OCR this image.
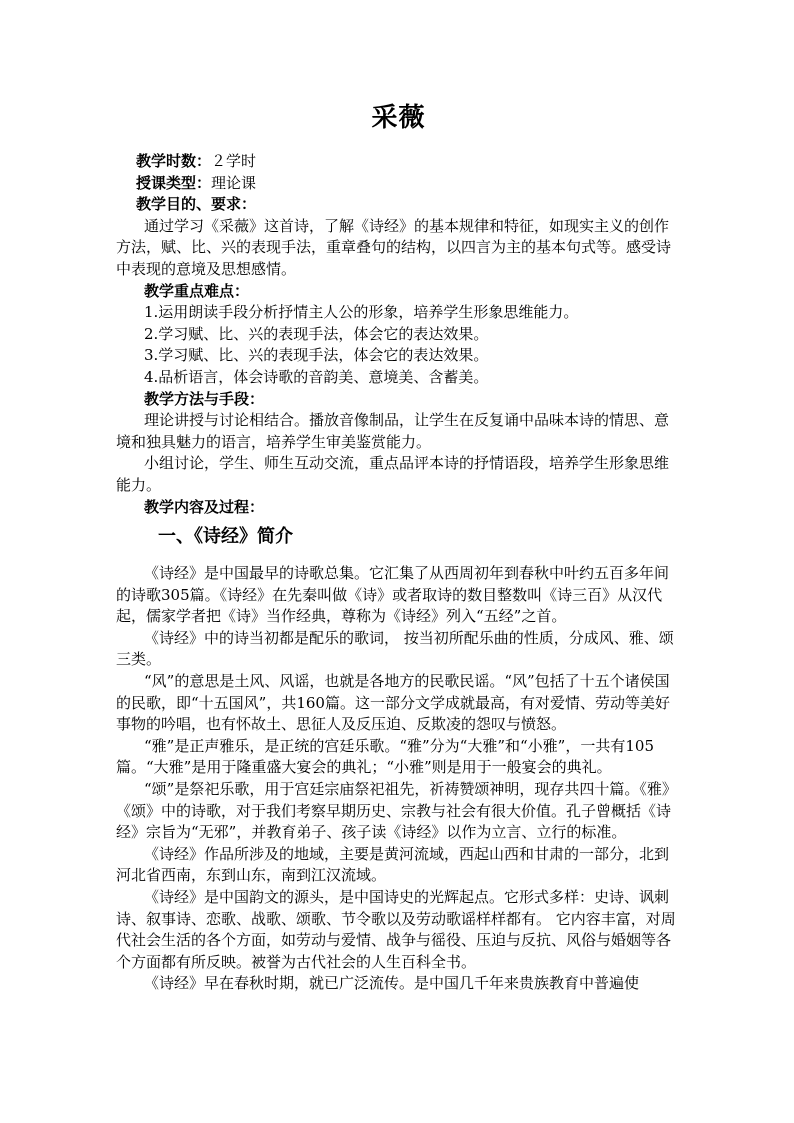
采薇
教学时数：２学时
授课类型：理论课
教学目的、要求：
通过学习《采薇》这首诗，了解《诗经》的基本规律和特征，如现实主义的创作方法，赋、比、兴的表现手法，重章叠句的结构，以四言为主的基本句式等。感受诗中表现的意境及思想感情。
教学重点难点：
1.运用朗读手段分析抒情主人公的形象，培养学生形象思维能力。
2.学习赋、比、兴的表现手法，体会它的表达效果。
3.学习赋、比、兴的表现手法，体会它的表达效果。
4.品析语言，体会诗歌的音韵美、意境美、含蓄美。
教学方法与手段：
理论讲授与讨论相结合。播放音像制品，让学生在反复诵中品味本诗的情思、意境和独具魅力的语言，培养学生审美鉴赏能力。
小组讨论，学生、师生互动交流，重点品评本诗的抒情语段，培养学生形象思维能力。
教学内容及过程：
一、《诗经》简介
《诗经》是中国最早的诗歌总集。它汇集了从西周初年到春秋中叶约五百多年间的诗歌305篇。《诗经》在先秦叫做《诗》或者取诗的数目整数叫《诗三百》从汉代起，儒家学者把《诗》当作经典，尊称为《诗经》列入“五经”之首。
《诗经》中的诗当初都是配乐的歌词， 按当初所配乐曲的性质，分成风、雅、颂三类。
“风”的意思是土风、风谣，也就是各地方的民歌民谣。“风”包括了十五个诸侯国的民歌，即“十五国风”，共160篇。这一部分文学成就最高，有对爱情、劳动等美好事物的吟唱，也有怀故土、思征人及反压迫、反欺凌的怨叹与愤怒。
“雅”是正声雅乐，是正统的宫廷乐歌。“雅”分为“大雅”和“小雅”，一共有105篇。“大雅”是用于隆重盛大宴会的典礼；“小雅”则是用于一般宴会的典礼。
“颂”是祭祀乐歌，用于宫廷宗庙祭祀祖先，祈祷赞颂神明，现存共四十篇。《雅》《颂》中的诗歌，对于我们考察早期历史、宗教与社会有很大价值。孔子曾概括《诗经》宗旨为“无邪”，并教育弟子、孩子读《诗经》以作为立言、立行的标准。
《诗经》作品所涉及的地域，主要是黄河流域，西起山西和甘肃的一部分，北到河北省西南，东到山东，南到江汉流域。
《诗经》是中国韵文的源头，是中国诗史的光辉起点。它形式多样：史诗、讽刺诗、叙事诗、恋歌、战歌、颂歌、节令歌以及劳动歌谣样样都有。 它内容丰富，对周代社会生活的各个方面，如劳动与爱情、战争与徭役、压迫与反抗、风俗与婚姻等各个方面都有所反映。被誉为古代社会的人生百科全书。
《诗经》早在春秋时期，就已广泛流传。是中国几千年来贵族教育中普遍使
